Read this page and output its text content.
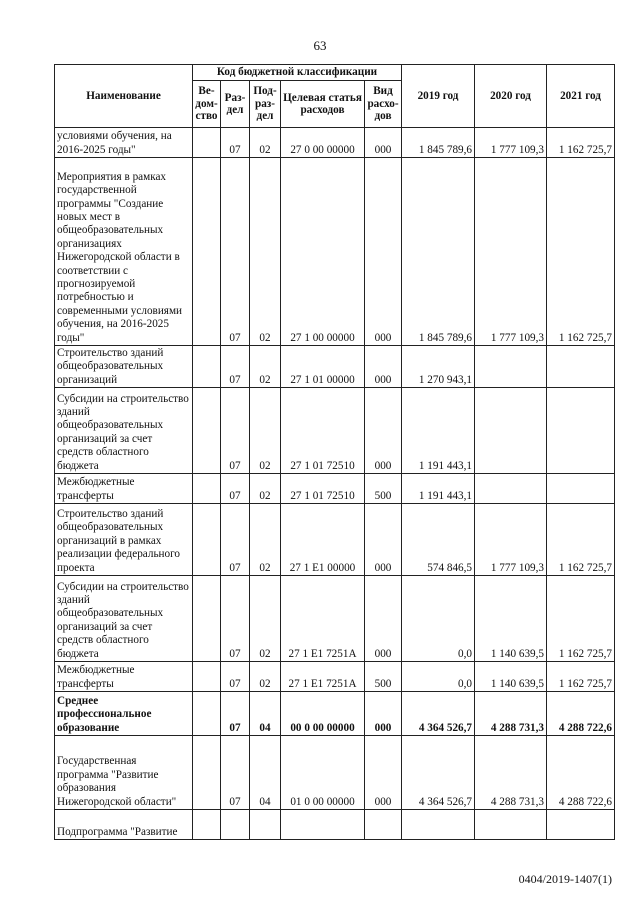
63
Наименование	Код бюджетной классификации					2019 год	2020 год	2021 год
	Ве-дом-ство	Раз-дел	Под-раз-дел	Целевая статья расходов	Вид расхо-дов			
условиями обучения, на 2016-2025 годы"		07	02	27 0 00 00000	000	1 845 789,6	1 777 109,3	1 162 725,7
Мероприятия в рамках государственной программы "Создание новых мест в общеобразовательных организациях Нижегородской области в соответствии с прогнозируемой потребностью и современными условиями обучения, на 2016-2025 годы"		07	02	27 1 00 00000	000	1 845 789,6	1 777 109,3	1 162 725,7
Строительство зданий общеобразовательных организаций		07	02	27 1 01 00000	000	1 270 943,1		
Субсидии на строительство зданий общеобразовательных организаций за счет средств областного бюджета		07	02	27 1 01 72510	000	1 191 443,1		
Межбюджетные трансферты		07	02	27 1 01 72510	500	1 191 443,1		
Строительство зданий общеобразовательных организаций в рамках реализации федерального проекта		07	02	27 1 E1 00000	000	574 846,5	1 777 109,3	1 162 725,7
Субсидии на строительство зданий общеобразовательных организаций за счет средств областного бюджета		07	02	27 1 E1 7251A	000	0,0	1 140 639,5	1 162 725,7
Межбюджетные трансферты		07	02	27 1 E1 7251A	500	0,0	1 140 639,5	1 162 725,7
Среднее профессиональное образование		07	04	00 0 00 00000	000	4 364 526,7	4 288 731,3	4 288 722,6
Государственная программа "Развитие образования Нижегородской области"		07	04	01 0 00 00000	000	4 364 526,7	4 288 731,3	4 288 722,6
Подпрограмма "Развитие								
0404/2019-1407(1)
